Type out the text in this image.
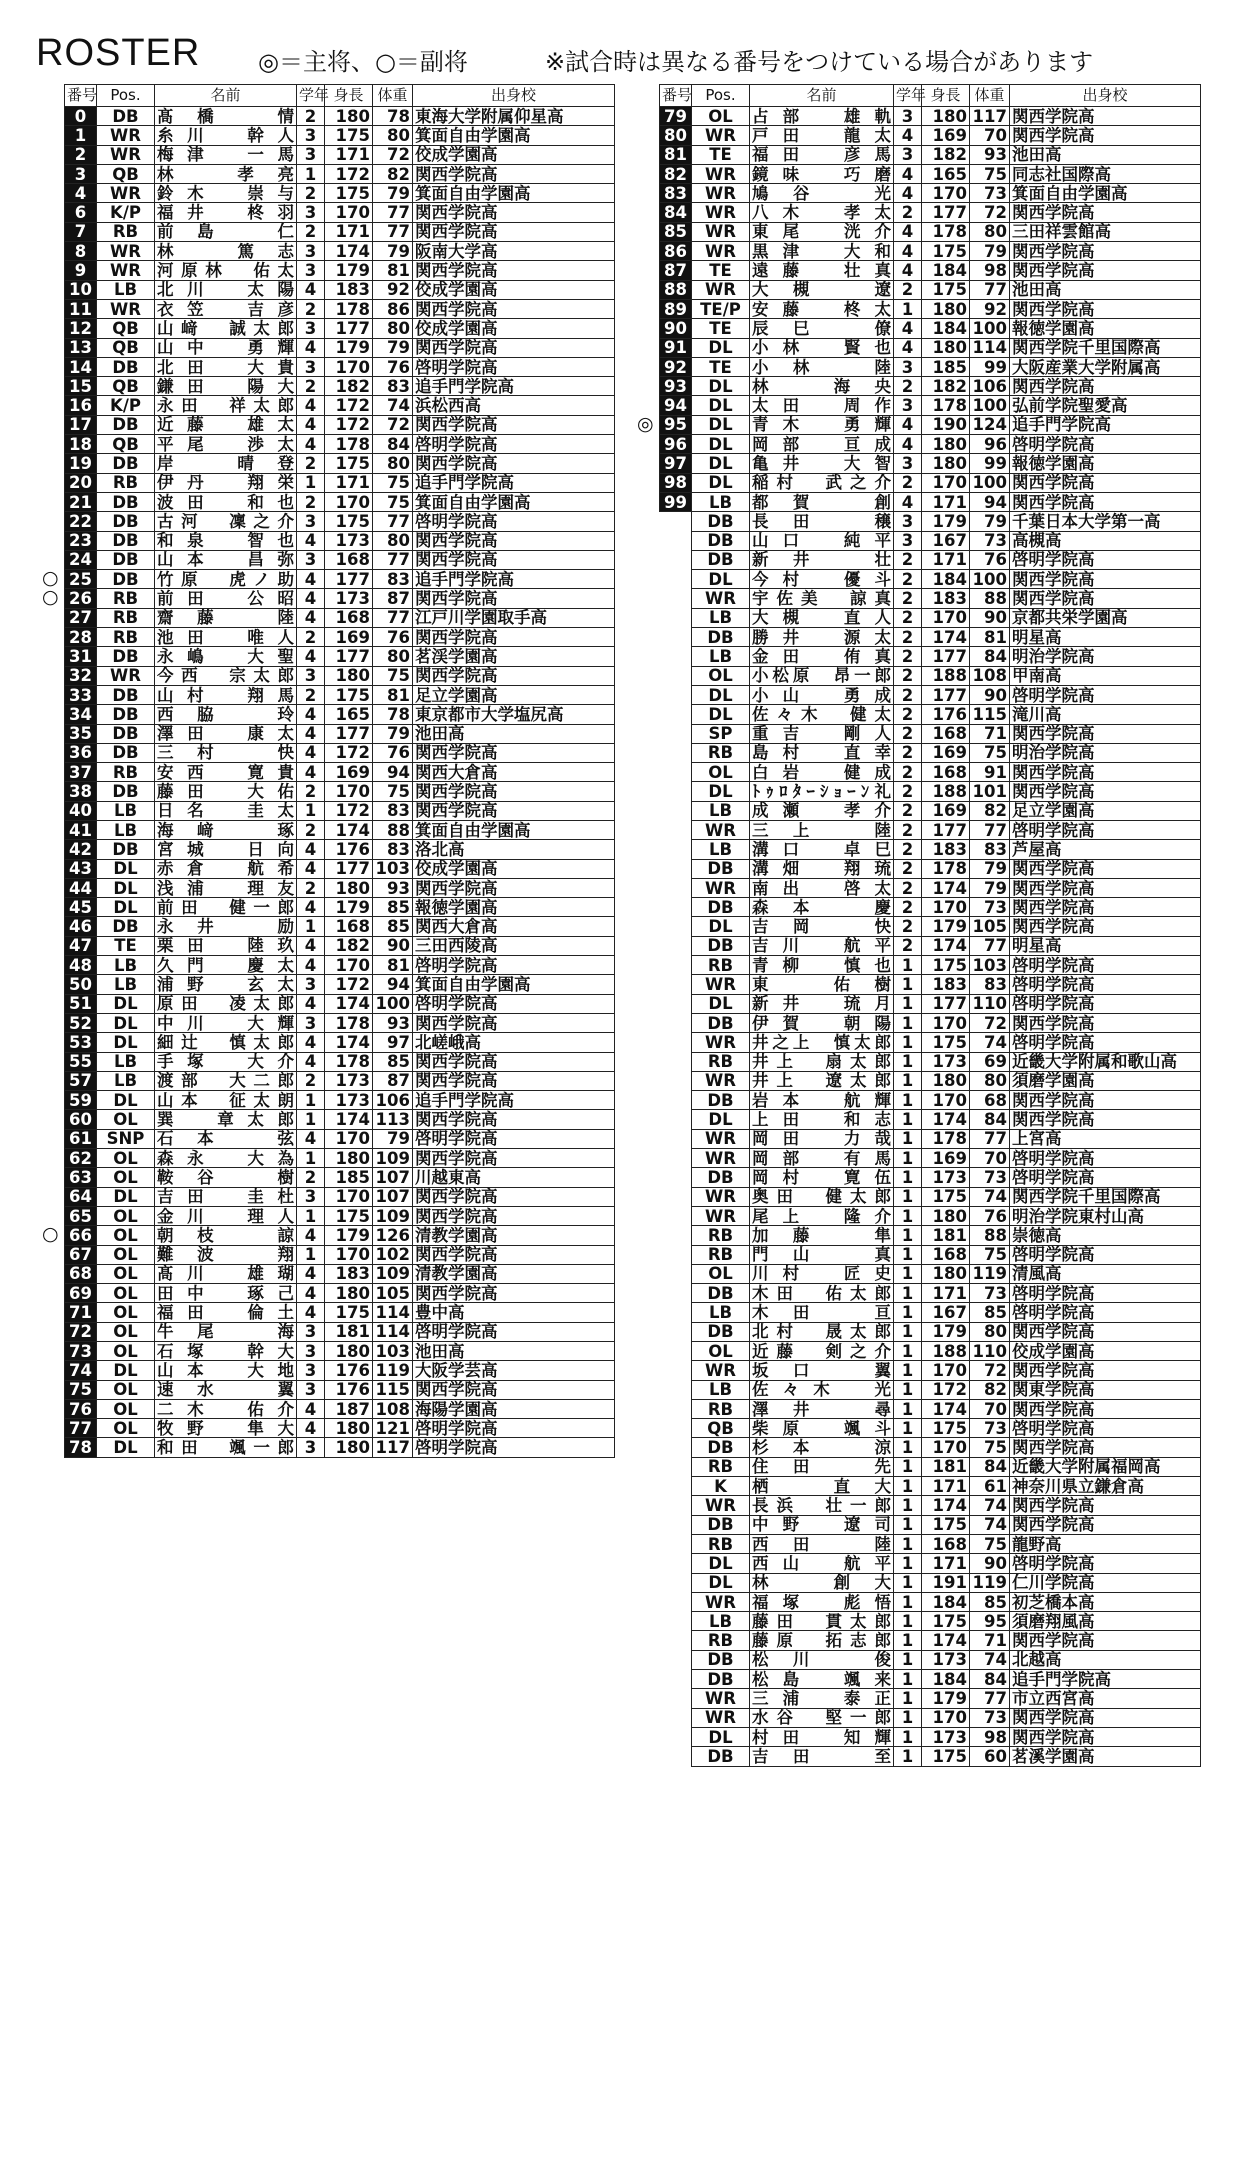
ROSTER ◎＝主将、○＝副将	※試合時は異なる番号をつけている場合があります
番号	Pos.	名前	学年	身長	体重	出身校
0	DB	髙橋　情	2	180	78	東海大学附属仰星高
1	WR	糸川　幹人	3	175	80	箕面自由学園高
2	WR	梅津　一馬	3	171	72	佼成学園高
3	QB	林　孝亮	1	172	82	関西学院高
4	WR	鈴木　崇与	2	175	79	箕面自由学園高
6	K/P	福井　柊羽	3	170	77	関西学院高
7	RB	前島　仁	2	171	77	関西学院高
8	WR	林　篤志	3	174	79	阪南大学高
9	WR	河原林　佑太	3	179	81	関西学院高
10	LB	北川　太陽	4	183	92	佼成学園高
11	WR	衣笠　吉彦	2	178	86	関西学院高
12	QB	山﨑　誠太郎	3	177	80	佼成学園高
13	QB	山中　勇輝	4	179	79	関西学院高
14	DB	北田　大貴	3	170	76	啓明学院高
15	QB	鎌田　陽大	2	182	83	追手門学院高
16	K/P	永田　祥太郎	4	172	74	浜松西高
17	DB	近藤　雄太	4	172	72	関西学院高
18	QB	平尾　渉太	4	178	84	啓明学院高
19	DB	岸　晴登	2	175	80	関西学院高
20	RB	伊丹　翔栄	1	171	75	追手門学院高
21	DB	波田　和也	2	170	75	箕面自由学園高
22	DB	古河　凜之介	3	175	77	啓明学院高
23	DB	和泉　智也	4	173	80	関西学院高
24	DB	山本　昌弥	3	168	77	関西学院高
25	DB	竹原　虎ノ助	4	177	83	追手門学院高
26	RB	前田　公昭	4	173	87	関西学院高
27	RB	齋藤　陸	4	168	77	江戸川学園取手高
28	RB	池田　唯人	2	169	76	関西学院高
31	DB	永嶋　大聖	4	177	80	茗渓学園高
32	WR	今西　宗太郎	3	180	75	関西学院高
33	DB	山村　翔馬	2	175	81	足立学園高
34	DB	西脇　玲	4	165	78	東京都市大学塩尻高
35	DB	澤田　康太	4	177	79	池田高
36	DB	三村　快	4	172	76	関西学院高
37	RB	安西　寛貴	4	169	94	関西大倉高
38	DB	藤田　大佑	2	170	75	関西学院高
40	LB	日名　圭太	1	172	83	関西学院高
41	LB	海﨑　琢	2	174	88	箕面自由学園高
42	DB	宮城　日向	4	176	83	洛北高
43	DL	赤倉　航希	4	177	103	佼成学園高
44	DL	浅浦　理友	2	180	93	関西学院高
45	DL	前田　健一郎	4	179	85	報徳学園高
46	DB	永井　励	1	168	85	関西大倉高
47	TE	栗田　陸玖	4	182	90	三田西陵高
48	LB	久門　慶太	4	170	81	啓明学院高
50	LB	浦野　玄太	3	172	94	箕面自由学園高
51	DL	原田　凌太郎	4	174	100	啓明学院高
52	DL	中川　大輝	3	178	93	関西学院高
53	DL	細辻　慎太郎	4	174	97	北嵯峨高
55	LB	手塚　大介	4	178	85	関西学院高
57	LB	渡部　大二郎	2	173	87	関西学院高
59	DL	山本　征太朗	1	173	106	追手門学院高
60	OL	巽　章太郎	1	174	113	関西学院高
61	SNP	石本　弦	4	170	79	啓明学院高
62	OL	森永　大為	1	180	109	関西学院高
63	OL	鞍谷　樹	2	185	107	川越東高
64	DL	吉田　圭杜	3	170	107	関西学院高
65	OL	金川　理人	1	175	109	関西学院高
66	OL	朝枝　諒	4	179	126	清教学園高
67	OL	難波　翔	1	170	102	関西学院高
68	OL	髙川　雄瑚	4	183	109	清教学園高
69	OL	田中　琢己	4	180	105	関西学院高
71	OL	福田　倫土	4	175	114	豊中高
72	OL	牛尾　海	3	181	114	啓明学院高
73	OL	石塚　幹大	3	180	103	池田高
74	DL	山本　大地	3	176	119	大阪学芸高
75	OL	速水　翼	3	176	115	関西学院高
76	OL	二木　佑介	4	187	108	海陽学園高
77	OL	牧野　隼大	4	180	121	啓明学院高
78	DL	和田　颯一郎	3	180	117	啓明学院高
番号	Pos.	名前	学年	身長	体重	出身校
79	OL	占部　雄軌	3	180	117	関西学院高
80	WR	戸田　龍太	4	169	70	関西学院高
81	TE	福田　彦馬	3	182	93	池田高
82	WR	鏡味　巧磨	4	165	75	同志社国際高
83	WR	鳩谷　光	4	170	73	箕面自由学園高
84	WR	八木　孝太	2	177	72	関西学院高
85	WR	東尾　洸介	4	178	80	三田祥雲館高
86	WR	黒津　大和	4	175	79	関西学院高
87	TE	遠藤　壮真	4	184	98	関西学院高
88	WR	大槻　遼	2	175	77	池田高
89	TE/P	安藤　柊太	1	180	92	関西学院高
90	TE	辰巳　僚	4	184	100	報徳学園高
91	DL	小林　賢也	4	180	114	関西学院千里国際高
92	TE	小林　陸	3	185	99	大阪産業大学附属高
93	DL	林　海央	2	182	106	関西学院高
94	DL	太田　周作	3	178	100	弘前学院聖愛高
95	DL	青木　勇輝	4	190	124	追手門学院高
96	DL	岡部　亘成	4	180	96	啓明学院高
97	DL	亀井　大智	3	180	99	報徳学園高
98	DL	稲村　武之介	2	170	100	関西学院高
99	LB	都賀　創	4	171	94	関西学院高
	DB	長田　穣	3	179	79	千葉日本大学第一高
	DB	山口　純平	3	167	73	高槻高
	DB	新井　壮	2	171	76	啓明学院高
	DL	今村　優斗	2	184	100	関西学院高
	WR	宇佐美　諒真	2	183	88	関西学院高
	LB	大槻　直人	2	170	90	京都共栄学園高
	DB	勝井　源太	2	174	81	明星高
	LB	金田　侑真	2	177	84	明治学院高
	OL	小松原　昂一郎	2	188	108	甲南高
	DL	小山　勇成	2	177	90	啓明学院高
	DL	佐々木　健太	2	176	115	滝川高
	SP	重吉　剛人	2	168	71	関西学院高
	RB	島村　直幸	2	169	75	明治学院高
	OL	白岩　健成	2	168	91	関西学院高
	DL	ﾄｩﾛﾀｰｼｮｰﾝ礼	2	188	101	関西学院高
	LB	成瀬　孝介	2	169	82	足立学園高
	WR	三上　陸	2	177	77	啓明学院高
	LB	溝口　卓巳	2	183	83	芦屋高
	DB	溝畑　翔琉	2	178	79	関西学院高
	WR	南出　啓太	2	174	79	関西学院高
	DB	森本　慶	2	170	73	関西学院高
	DL	吉岡　快	2	179	105	関西学院高
	DB	吉川　航平	2	174	77	明星高
	RB	青柳　慎也	1	175	103	啓明学院高
	WR	東　佑樹	1	183	83	啓明学院高
	DL	新井　琉月	1	177	110	啓明学院高
	DB	伊賀　朝陽	1	170	72	関西学院高
	WR	井之上　慎太郎	1	175	74	啓明学院高
	RB	井上　扇太郎	1	173	69	近畿大学附属和歌山高
	WR	井上　遼太郎	1	180	80	須磨学園高
	DB	岩本　航輝	1	170	68	関西学院高
	DL	上田　和志	1	174	84	関西学院高
	WR	岡田　力哉	1	178	77	上宮高
	WR	岡部　有馬	1	169	70	啓明学院高
	DB	岡村　寛伍	1	173	73	啓明学院高
	WR	奥田　健太郎	1	175	74	関西学院千里国際高
	WR	尾上　隆介	1	180	76	明治学院東村山高
	RB	加藤　隼	1	181	88	崇徳高
	RB	門山　真	1	168	75	啓明学院高
	OL	川村　匠史	1	180	119	清風高
	DB	木田　佑太郎	1	171	73	啓明学院高
	LB	木田　亘	1	167	85	啓明学院高
	DB	北村　晟太郎	1	179	80	関西学院高
	OL	近藤　剣之介	1	188	110	佼成学園高
	WR	坂口　翼	1	170	72	関西学院高
	LB	佐々木　光	1	172	82	関東学院高
	RB	澤井　尋	1	174	70	関西学院高
	QB	柴原　颯斗	1	175	73	啓明学院高
	DB	杉本　涼	1	170	75	関西学院高
	RB	住田　先	1	181	84	近畿大学附属福岡高
	K	栖　直大	1	171	61	神奈川県立鎌倉高
	WR	長浜　壮一郎	1	174	74	関西学院高
	DB	中野　遼司	1	175	74	関西学院高
	RB	西田　陸	1	168	75	龍野高
	DL	西山　航平	1	171	90	啓明学院高
	DL	林　創大	1	191	119	仁川学院高
	WR	福塚　彪悟	1	184	85	初芝橋本高
	LB	藤田　貫太郎	1	175	95	須磨翔風高
	RB	藤原　拓志郎	1	174	71	関西学院高
	DB	松川　俊	1	173	74	北越高
	DB	松島　颯来	1	184	84	追手門学院高
	WR	三浦　泰正	1	179	77	市立西宮高
	WR	水谷　堅一郎	1	170	73	関西学院高
	DL	村田　知輝	1	173	98	関西学院高
	DB	吉田　至	1	175	60	茗溪学園高
○
○
○
◎
